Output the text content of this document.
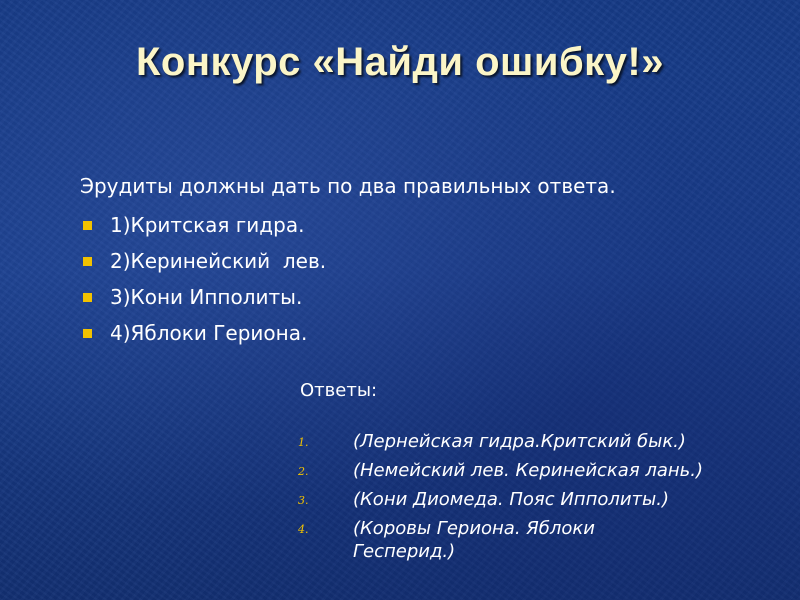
Конкурс «Найди ошибку!»
Эрудиты должны дать по два правильных ответа.
1)Критская гидра.
2)Керинейский  лев.
3)Кони Ипполиты.
4)Яблоки Гериона.
Ответы:
1.	(Лернейская гидра.Критский бык.)
2.	(Немейский лев. Керинейская лань.)
3.	(Кони Диомеда. Пояс Ипполиты.)
4.	(Коровы Гериона. Яблоки Гесперид.)
